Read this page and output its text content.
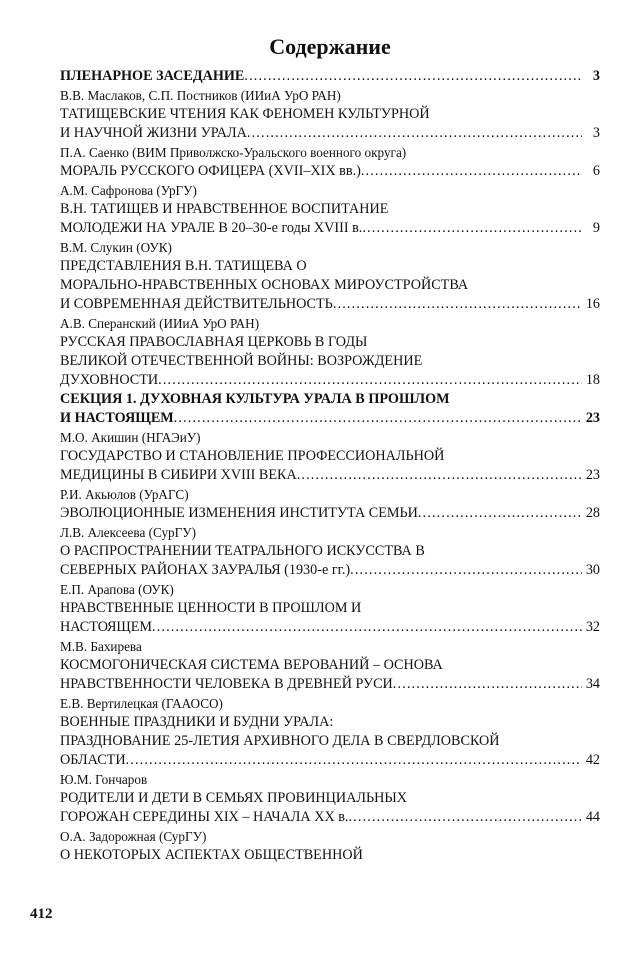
Содержание
ПЛЕНАРНОЕ ЗАСЕДАНИЕ . . .	3
В.В. Маслаков, С.П. Постников (ИИиА УрО РАН)
ТАТИЩЕВСКИЕ ЧТЕНИЯ КАК ФЕНОМЕН КУЛЬТУРНОЙ
И НАУЧНОЙ ЖИЗНИ УРАЛА . . .	3
П.А. Саенко (ВИМ Приволжско-Уральского военного округа)
МОРАЛЬ РУССКОГО ОФИЦЕРА (XVII–XIX вв.) . . .	6
А.М. Сафронова (УрГУ)
В.Н. ТАТИЩЕВ И НРАВСТВЕННОЕ ВОСПИТАНИЕ
МОЛОДЕЖИ НА УРАЛЕ В 20–30-е годы XVIII в. . . .	9
В.М. Слукин (ОУК)
ПРЕДСТАВЛЕНИЯ В.Н. ТАТИЩЕВА О
МОРАЛЬНО-НРАВСТВЕННЫХ ОСНОВАХ МИРОУСТРОЙСТВА
И СОВРЕМЕННАЯ ДЕЙСТВИТЕЛЬНОСТЬ . . .	16
А.В. Сперанский (ИИиА УрО РАН)
РУССКАЯ ПРАВОСЛАВНАЯ ЦЕРКОВЬ В ГОДЫ
ВЕЛИКОЙ ОТЕЧЕСТВЕННОЙ ВОЙНЫ: ВОЗРОЖДЕНИЕ
ДУХОВНОСТИ . . .	18
СЕКЦИЯ 1. ДУХОВНАЯ КУЛЬТУРА УРАЛА В ПРОШЛОМ
И НАСТОЯЩЕМ . . .	23
М.О. Акишин (НГАЭиУ)
ГОСУДАРСТВО И СТАНОВЛЕНИЕ ПРОФЕССИОНАЛЬНОЙ
МЕДИЦИНЫ В СИБИРИ XVIII ВЕКА . . .	23
Р.И. Акьюлов (УрАГС)
ЭВОЛЮЦИОННЫЕ ИЗМЕНЕНИЯ ИНСТИТУТА СЕМЬИ . . .	28
Л.В. Алексеева (СурГУ)
О РАСПРОСТРАНЕНИИ ТЕАТРАЛЬНОГО ИСКУССТВА В
СЕВЕРНЫХ РАЙОНАХ ЗАУРАЛЬЯ (1930-е гг.) . . .	30
Е.П. Арапова (ОУК)
НРАВСТВЕННЫЕ ЦЕННОСТИ В ПРОШЛОМ И
НАСТОЯЩЕМ . . .	32
М.В. Бахирева
КОСМОГОНИЧЕСКАЯ СИСТЕМА ВЕРОВАНИЙ – ОСНОВА
НРАВСТВЕННОСТИ ЧЕЛОВЕКА В ДРЕВНЕЙ РУСИ . . .	34
Е.В. Вертилецкая (ГААОСО)
ВОЕННЫЕ ПРАЗДНИКИ И БУДНИ УРАЛА:
ПРАЗДНОВАНИЕ 25-ЛЕТИЯ АРХИВНОГО ДЕЛА В СВЕРДЛОВСКОЙ
ОБЛАСТИ . . .	42
Ю.М. Гончаров
РОДИТЕЛИ И ДЕТИ В СЕМЬЯХ ПРОВИНЦИАЛЬНЫХ
ГОРОЖАН СЕРЕДИНЫ XIX – НАЧАЛА XX в. . . .	44
О.А. Задорожная (СурГУ)
О НЕКОТОРЫХ АСПЕКТАХ ОБЩЕСТВЕННОЙ
412
